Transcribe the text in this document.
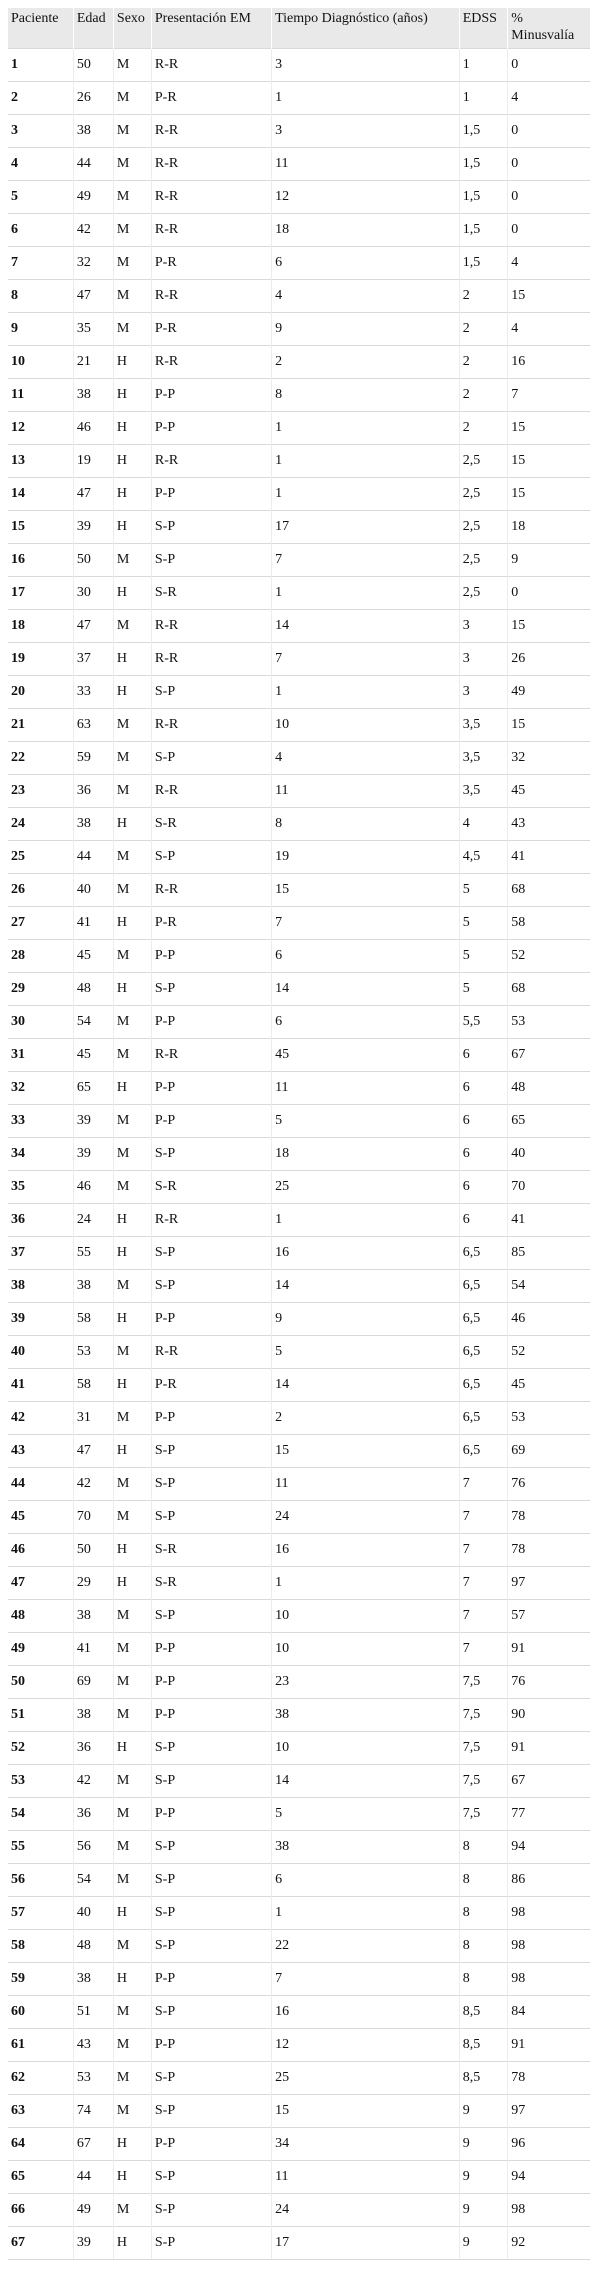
Paciente	Edad	Sexo	Presentación EM	Tiempo Diagnóstico (años)	EDSS	% Minusvalía
1	50	M	R-R	3	1	0
2	26	M	P-R	1	1	4
3	38	M	R-R	3	1,5	0
4	44	M	R-R	11	1,5	0
5	49	M	R-R	12	1,5	0
6	42	M	R-R	18	1,5	0
7	32	M	P-R	6	1,5	4
8	47	M	R-R	4	2	15
9	35	M	P-R	9	2	4
10	21	H	R-R	2	2	16
11	38	H	P-P	8	2	7
12	46	H	P-P	1	2	15
13	19	H	R-R	1	2,5	15
14	47	H	P-P	1	2,5	15
15	39	H	S-P	17	2,5	18
16	50	M	S-P	7	2,5	9
17	30	H	S-R	1	2,5	0
18	47	M	R-R	14	3	15
19	37	H	R-R	7	3	26
20	33	H	S-P	1	3	49
21	63	M	R-R	10	3,5	15
22	59	M	S-P	4	3,5	32
23	36	M	R-R	11	3,5	45
24	38	H	S-R	8	4	43
25	44	M	S-P	19	4,5	41
26	40	M	R-R	15	5	68
27	41	H	P-R	7	5	58
28	45	M	P-P	6	5	52
29	48	H	S-P	14	5	68
30	54	M	P-P	6	5,5	53
31	45	M	R-R	45	6	67
32	65	H	P-P	11	6	48
33	39	M	P-P	5	6	65
34	39	M	S-P	18	6	40
35	46	M	S-R	25	6	70
36	24	H	R-R	1	6	41
37	55	H	S-P	16	6,5	85
38	38	M	S-P	14	6,5	54
39	58	H	P-P	9	6,5	46
40	53	M	R-R	5	6,5	52
41	58	H	P-R	14	6,5	45
42	31	M	P-P	2	6,5	53
43	47	H	S-P	15	6,5	69
44	42	M	S-P	11	7	76
45	70	M	S-P	24	7	78
46	50	H	S-R	16	7	78
47	29	H	S-R	1	7	97
48	38	M	S-P	10	7	57
49	41	M	P-P	10	7	91
50	69	M	P-P	23	7,5	76
51	38	M	P-P	38	7,5	90
52	36	H	S-P	10	7,5	91
53	42	M	S-P	14	7,5	67
54	36	M	P-P	5	7,5	77
55	56	M	S-P	38	8	94
56	54	M	S-P	6	8	86
57	40	H	S-P	1	8	98
58	48	M	S-P	22	8	98
59	38	H	P-P	7	8	98
60	51	M	S-P	16	8,5	84
61	43	M	P-P	12	8,5	91
62	53	M	S-P	25	8,5	78
63	74	M	S-P	15	9	97
64	67	H	P-P	34	9	96
65	44	H	S-P	11	9	94
66	49	M	S-P	24	9	98
67	39	H	S-P	17	9	92
